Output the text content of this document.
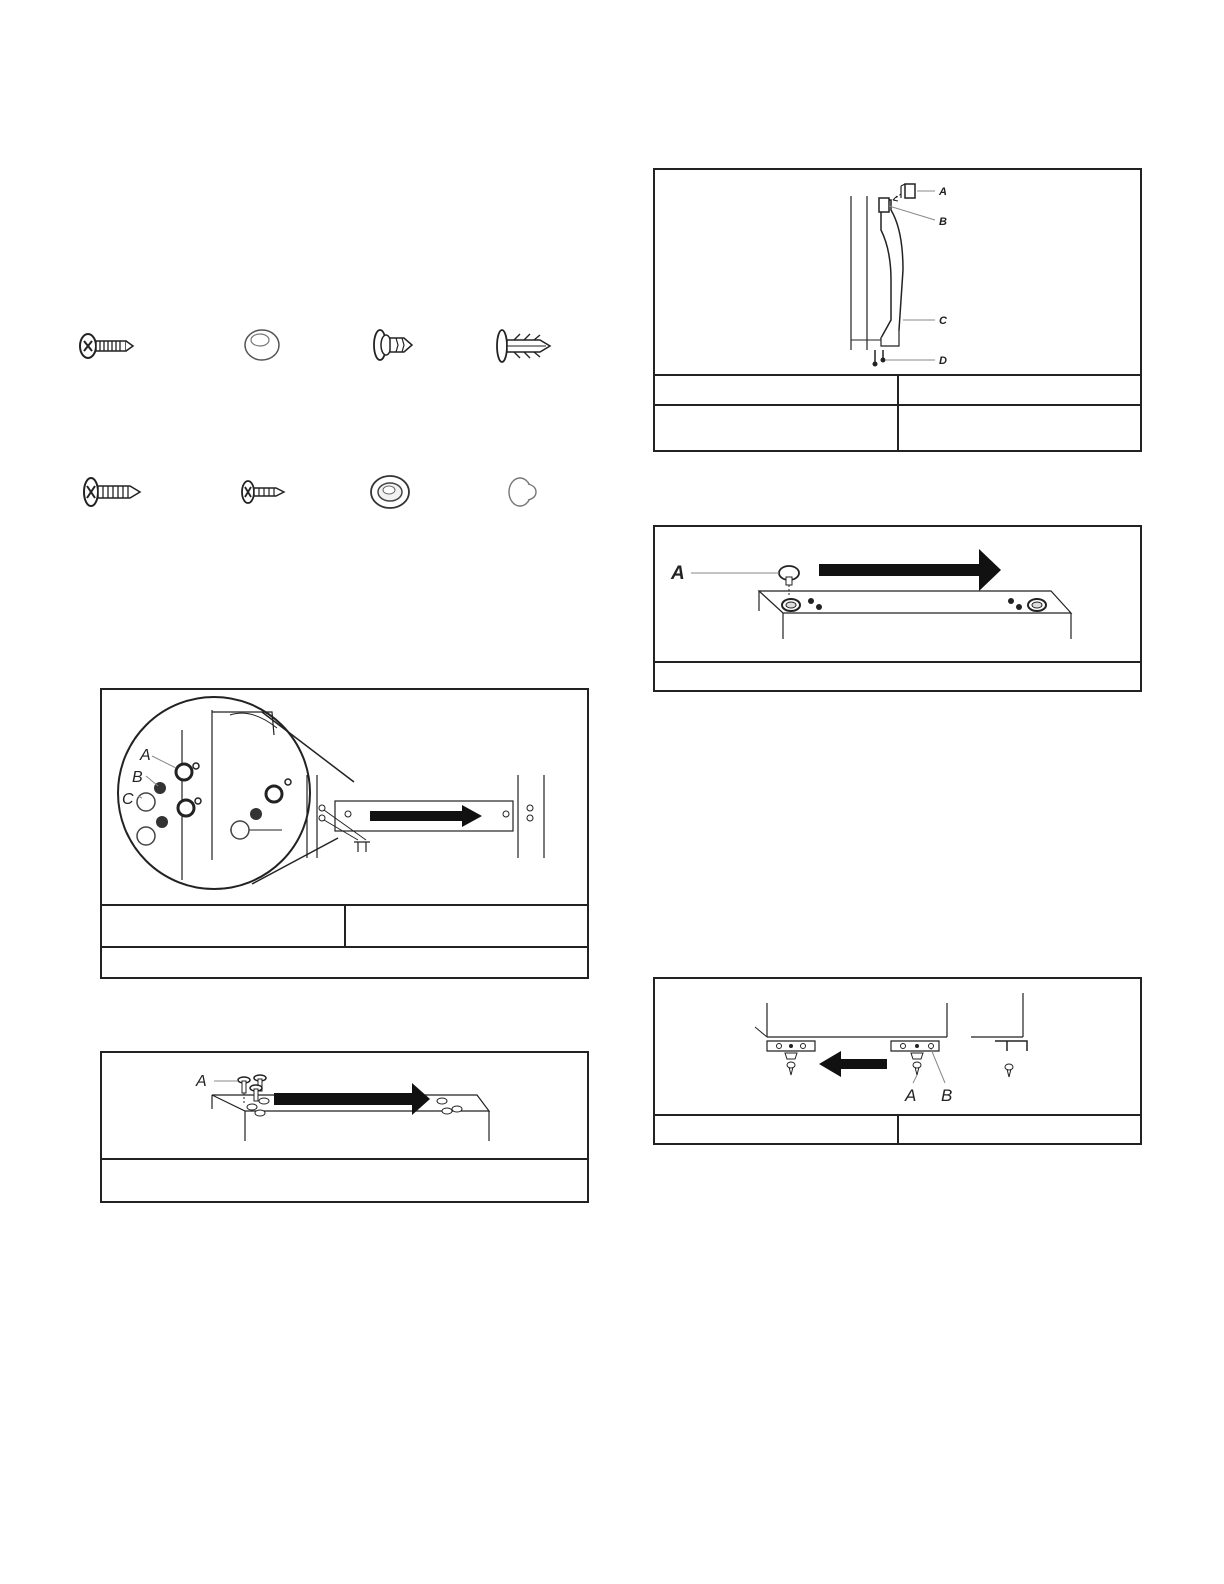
A
B
C
A
A
B
C
D
A
A B
